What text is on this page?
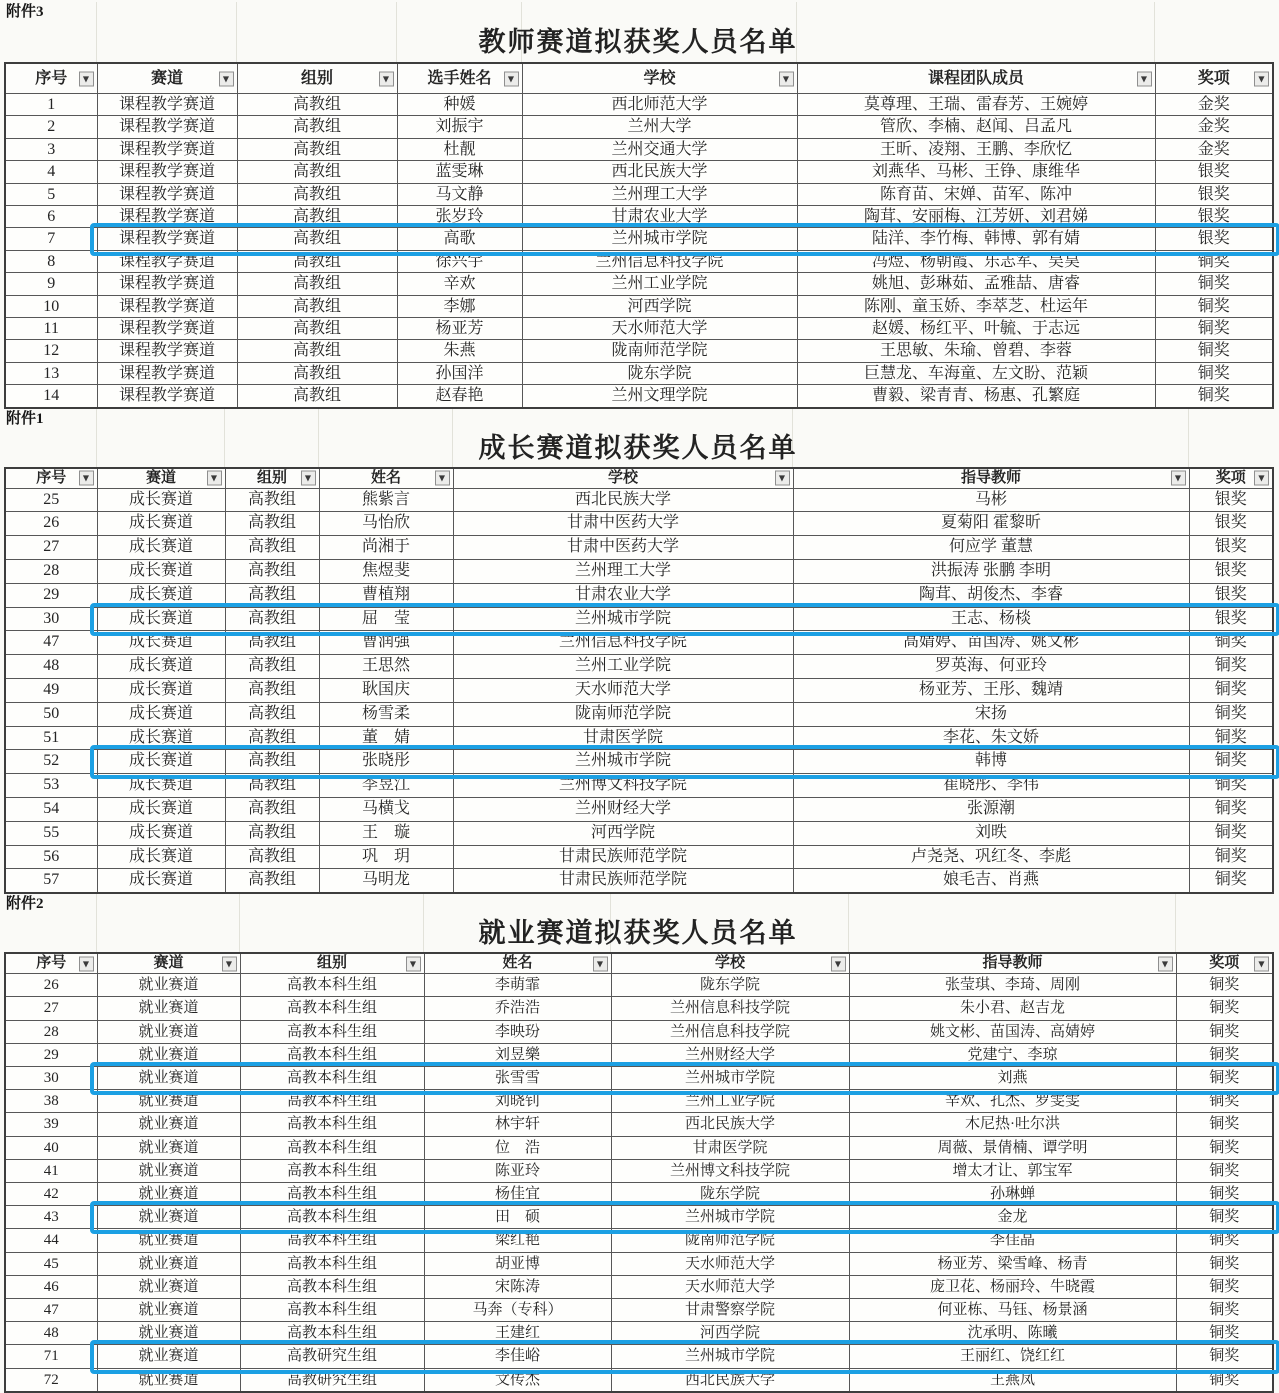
附件3
教师赛道拟获奖人员名单
序号 ▼	赛道 ▼	组别 ▼	选手姓名 ▼	学校 ▼	课程团队成员 ▼	奖项 ▼

1	课程教学赛道	高教组	种媛	西北师范大学	莫尊理、王瑞、雷春芳、王婉婷	金奖
2	课程教学赛道	高教组	刘振宇	兰州大学	管欣、李楠、赵闻、吕孟凡	金奖
3	课程教学赛道	高教组	杜靓	兰州交通大学	王昕、凌翔、王鹏、李欣忆	金奖
4	课程教学赛道	高教组	蓝雯琳	西北民族大学	刘燕华、马彬、王铮、康维华	银奖
5	课程教学赛道	高教组	马文静	兰州理工大学	陈育苗、宋婵、苗军、陈冲	银奖
6	课程教学赛道	高教组	张岁玲	甘肃农业大学	陶茸、安丽梅、江芳妍、刘君娣	银奖
7	课程教学赛道	高教组	高歌	兰州城市学院	陆洋、李竹梅、韩博、郭有婧	银奖
8	课程教学赛道	高教组	徐兴宇	兰州信息科技学院	冯煜、杨朝霞、乐志军、吴昊	铜奖
9	课程教学赛道	高教组	辛欢	兰州工业学院	姚旭、彭琳茹、孟雅喆、唐睿	铜奖
10	课程教学赛道	高教组	李娜	河西学院	陈刚、童玉娇、李萃芝、杜运年	铜奖
11	课程教学赛道	高教组	杨亚芳	天水师范大学	赵媛、杨红平、叶毓、于志远	铜奖
12	课程教学赛道	高教组	朱燕	陇南师范学院	王思敏、朱瑜、曾碧、李蓉	铜奖
13	课程教学赛道	高教组	孙国洋	陇东学院	巨慧龙、车海童、左文盼、范颖	铜奖
14	课程教学赛道	高教组	赵春艳	兰州文理学院	曹毅、梁青青、杨惠、孔繁庭	铜奖
附件1
成长赛道拟获奖人员名单
序号 ▼	赛道 ▼	组别 ▼	姓名 ▼	学校 ▼	指导教师 ▼	奖项 ▼

25	成长赛道	高教组	熊紫言	西北民族大学	马彬	银奖
26	成长赛道	高教组	马怡欣	甘肃中医药大学	夏菊阳 霍黎昕	银奖
27	成长赛道	高教组	尚湘于	甘肃中医药大学	何应学 董慧	银奖
28	成长赛道	高教组	焦煜斐	兰州理工大学	洪振涛 张鹏 李明	银奖
29	成长赛道	高教组	曹植翔	甘肃农业大学	陶茸、胡俊杰、李睿	银奖
30	成长赛道	高教组	屈　莹	兰州城市学院	王志、杨棪	银奖
47	成长赛道	高教组	曹润强	兰州信息科技学院	高婧婷、苗国涛、姚文彬	铜奖
48	成长赛道	高教组	王思然	兰州工业学院	罗英海、何亚玲	铜奖
49	成长赛道	高教组	耿国庆	天水师范大学	杨亚芳、王彤、魏靖	铜奖
50	成长赛道	高教组	杨雪柔	陇南师范学院	宋扬	铜奖
51	成长赛道	高教组	董　婧	甘肃医学院	李花、朱文娇	铜奖
52	成长赛道	高教组	张晓彤	兰州城市学院	韩博	铜奖
53	成长赛道	高教组	李昱江	兰州博文科技学院	崔晓彤、李伟	铜奖
54	成长赛道	高教组	马横戈	兰州财经大学	张源潮	铜奖
55	成长赛道	高教组	王　璇	河西学院	刘昳	铜奖
56	成长赛道	高教组	巩　玥	甘肃民族师范学院	卢尧尧、巩红冬、李彪	铜奖
57	成长赛道	高教组	马明龙	甘肃民族师范学院	娘毛吉、肖燕	铜奖
附件2
就业赛道拟获奖人员名单
序号 ▼	赛道 ▼	组别 ▼	姓名 ▼	学校 ▼	指导教师 ▼	奖项 ▼

26	就业赛道	高教本科生组	李萌霏	陇东学院	张莹琪、李琦、周刚	铜奖
27	就业赛道	高教本科生组	乔浩浩	兰州信息科技学院	朱小君、赵吉龙	铜奖
28	就业赛道	高教本科生组	李映玢	兰州信息科技学院	姚文彬、苗国涛、高婧婷	铜奖
29	就业赛道	高教本科生组	刘昱樂	兰州财经大学	党建宁、李琼	铜奖
30	就业赛道	高教本科生组	张雪雪	兰州城市学院	刘燕	铜奖
38	就业赛道	高教本科生组	刘晓钊	兰州工业学院	辛欢、孔杰、罗雯雯	铜奖
39	就业赛道	高教本科生组	林宇轩	西北民族大学	木尼热·吐尔洪	铜奖
40	就业赛道	高教本科生组	位　浩	甘肃医学院	周薇、景倩楠、谭学明	铜奖
41	就业赛道	高教本科生组	陈亚玲	兰州博文科技学院	增太才让、郭宝军	铜奖
42	就业赛道	高教本科生组	杨佳宜	陇东学院	孙琳蝉	铜奖
43	就业赛道	高教本科生组	田　硕	兰州城市学院	金龙	铜奖
44	就业赛道	高教本科生组	梁红艳	陇南师范学院	李佳晶	铜奖
45	就业赛道	高教本科生组	胡亚博	天水师范大学	杨亚芳、梁雪峰、杨青	铜奖
46	就业赛道	高教本科生组	宋陈涛	天水师范大学	庞卫花、杨丽玲、牛晓霞	铜奖
47	就业赛道	高教本科生组	马奔（专科）	甘肃警察学院	何亚栋、马钰、杨景涵	铜奖
48	就业赛道	高教本科生组	王建红	河西学院	沈承明、陈曦	铜奖
71	就业赛道	高教研究生组	李佳峪	兰州城市学院	王丽红、饶红红	铜奖
72	就业赛道	高教研究生组	文传杰	西北民族大学	王燕凤	铜奖
